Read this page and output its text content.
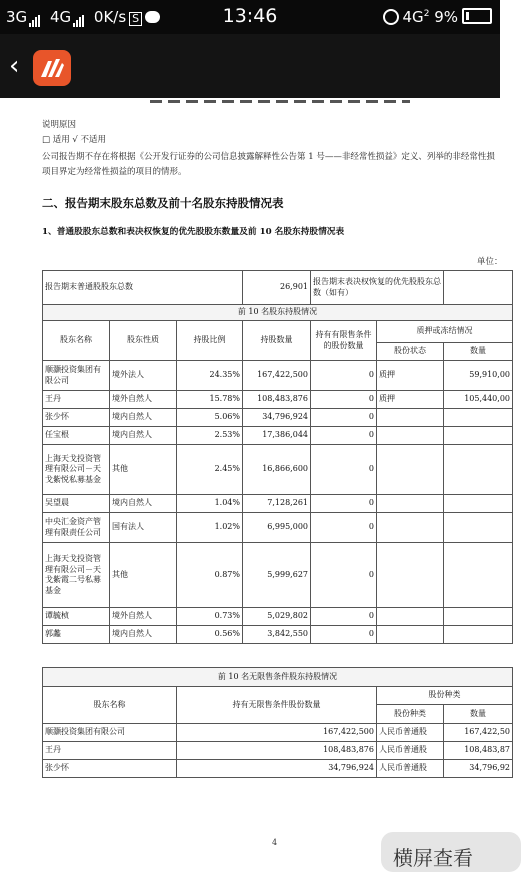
3G 4G 0K/s S	13:46	$4G^2$ 9%
‹
说明原因
□ 适用 √ 不适用
公司报告期不存在将根据《公开发行证券的公司信息披露解释性公告第 1 号——非经常性损益》定义、列举的非经常性损
项目界定为经常性损益的项目的情形。
二、报告期末股东总数及前十名股东持股情况表
1、普通股股东总数和表决权恢复的优先股股东数量及前 10 名股东持股情况表
单位：
报告期末普通股股东总数			26,901	报告期末表决权恢复的优先股股东总数（如有）		
前 10 名股东持股情况						
股东名称	股东性质	持股比例	持股数量	持有有限售条件的股份数量	质押或冻结情况	
					股份状态	数量
顺灏投资集团有限公司	境外法人	24.35%	167,422,500	0	质押	59,910,00
王丹	境外自然人	15.78%	108,483,876	0	质押	105,440,00
张少怀	境内自然人	5.06%	34,796,924	0		
任宝根	境内自然人	2.53%	17,386,044	0		
上海天戈投资管理有限公司－天戈紫悦私募基金	其他	2.45%	16,866,600	0		
吴望晨	境内自然人	1.04%	7,128,261	0		
中央汇金资产管理有限责任公司	国有法人	1.02%	6,995,000	0		
上海天戈投资管理有限公司－天戈紫霞二号私募基金	其他	0.87%	5,999,627	0		
谭毓桢	境外自然人	0.73%	5,029,802	0		
郭蠡	境内自然人	0.56%	3,842,550	0		
前 10 名无限售条件股东持股情况			
股东名称	持有无限售条件股份数量	股份种类	
		股份种类	数量
顺灏投资集团有限公司	167,422,500	人民币普通股	167,422,50
王丹	108,483,876	人民币普通股	108,483,87
张少怀	34,796,924	人民币普通股	34,796,92
4
横屏查看
